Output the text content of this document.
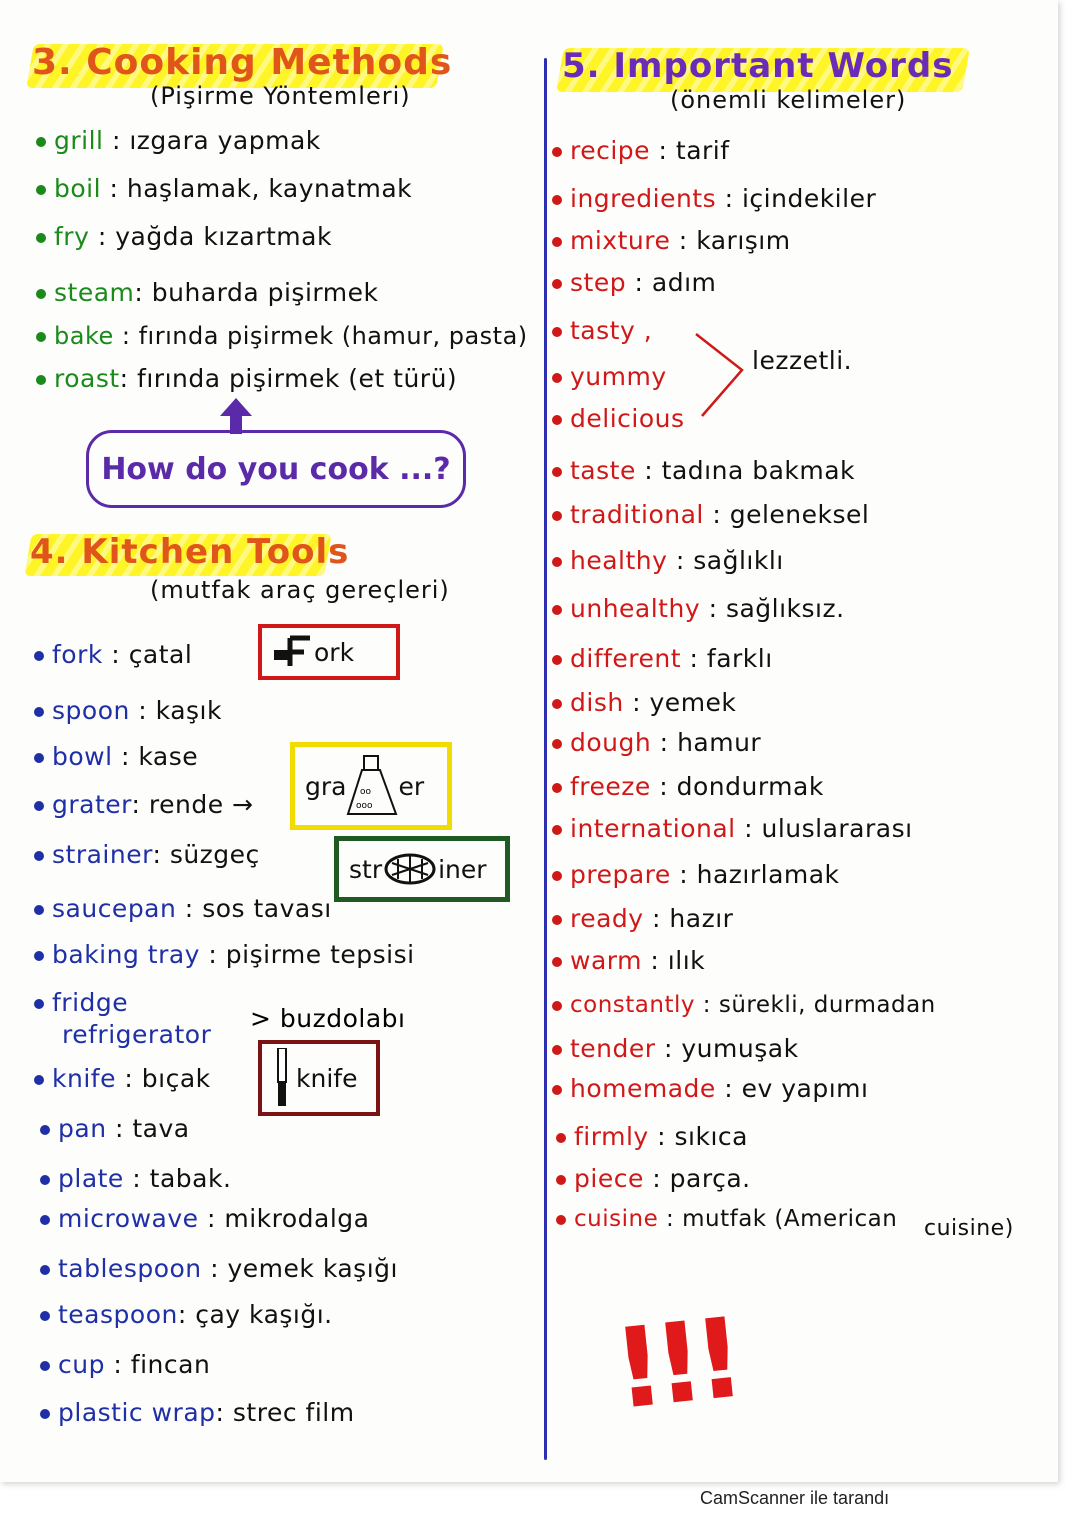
3. Cooking Methods
(Pişirme Yöntemleri)
grill : ızgara yapmak
boil : haşlamak, kaynatmak
fry : yağda kızartmak
steam: buharda pişirmek
bake : fırında pişirmek (hamur, pasta)
roast: fırında pişirmek (et türü)
How do you cook ...?
4. Kitchen Tools
(mutfak araç gereçleri)
fork : çatal
spoon : kaşık
bowl : kase
grater: rende →
strainer: süzgeç
saucepan : sos tavası
baking tray : pişirme tepsisi
fridge
refrigerator
> buzdolabı
knife : bıçak
pan : tava
plate : tabak.
microwave : mikrodalga
tablespoon : yemek kaşığı
teaspoon: çay kaşığı.
cup : fincan
plastic wrap: strec film
ork
gra oo
ooo
er
str iner
knife
5. Important Words
(önemli kelimeler)
recipe : tarif
ingredients : içindekiler
mixture : karışım
step : adım
tasty ,
yummy
delicious
taste : tadına bakmak
traditional : geleneksel
healthy : sağlıklı
unhealthy : sağlıksız.
different : farklı
dish : yemek
dough : hamur
freeze : dondurmak
international : uluslararası
prepare : hazırlamak
ready : hazır
warm : ılık
constantly : sürekli, durmadan
tender : yumuşak
homemade : ev yapımı
firmly : sıkıca
piece : parça.
cuisine : mutfak (American cuisine)
lezzetli.
!!!
CamScanner ile tarandı
